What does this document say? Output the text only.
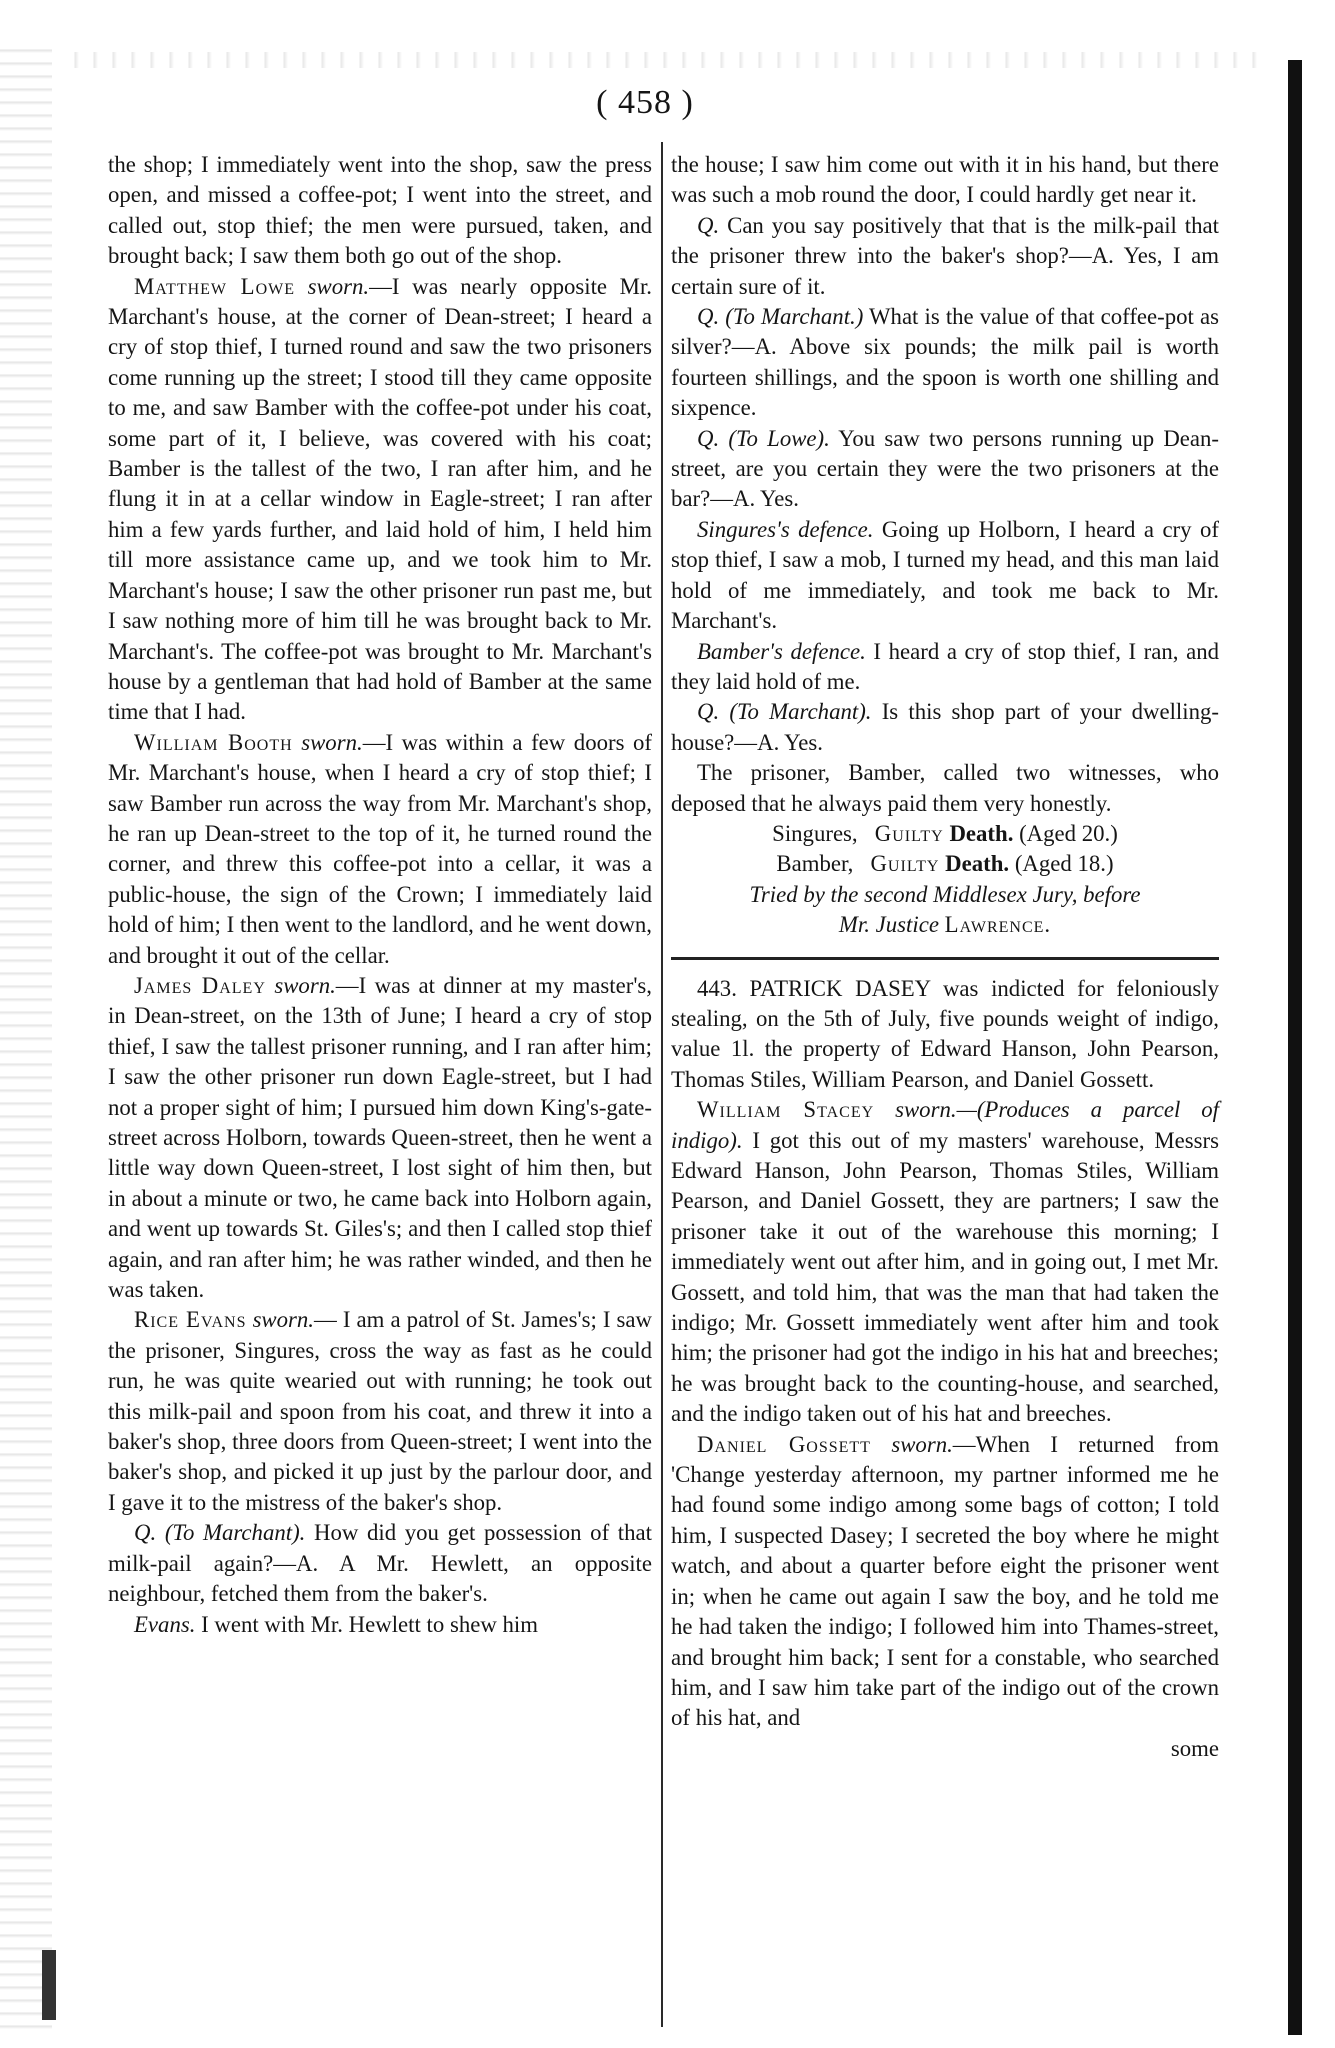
( 458 )

the shop; I immediately went into the shop, saw the press open, and missed a coffee-pot; I went into the street, and called out, stop thief; the men were pursued, taken, and brought back; I saw them both go out of the shop.

Matthew Lowe sworn.—I was nearly opposite Mr. Marchant's house, at the corner of Dean-street; I heard a cry of stop thief, I turned round and saw the two prisoners come running up the street; I stood till they came opposite to me, and saw Bamber with the coffee-pot under his coat, some part of it, I believe, was covered with his coat; Bamber is the tallest of the two, I ran after him, and he flung it in at a cellar window in Eagle-street; I ran after him a few yards further, and laid hold of him, I held him till more assistance came up, and we took him to Mr. Marchant's house; I saw the other prisoner run past me, but I saw nothing more of him till he was brought back to Mr. Marchant's. The coffee-pot was brought to Mr. Marchant's house by a gentleman that had hold of Bamber at the same time that I had.

William Booth sworn.—I was within a few doors of Mr. Marchant's house, when I heard a cry of stop thief; I saw Bamber run across the way from Mr. Marchant's shop, he ran up Dean-street to the top of it, he turned round the corner, and threw this coffee-pot into a cellar, it was a public-house, the sign of the Crown; I immediately laid hold of him; I then went to the landlord, and he went down, and brought it out of the cellar.

James Daley sworn.—I was at dinner at my master's, in Dean-street, on the 13th of June; I heard a cry of stop thief, I saw the tallest prisoner running, and I ran after him; I saw the other prisoner run down Eagle-street, but I had not a proper sight of him; I pursued him down King's-gate-street across Holborn, towards Queen-street, then he went a little way down Queen-street, I lost sight of him then, but in about a minute or two, he came back into Holborn again, and went up towards St. Giles's; and then I called stop thief again, and ran after him; he was rather winded, and then he was taken.

Rice Evans sworn.— I am a patrol of St. James's; I saw the prisoner, Singures, cross the way as fast as he could run, he was quite wearied out with running; he took out this milk-pail and spoon from his coat, and threw it into a baker's shop, three doors from Queen-street; I went into the baker's shop, and picked it up just by the parlour door, and I gave it to the mistress of the baker's shop.

Q. (To Marchant). How did you get possession of that milk-pail again?—A. A Mr. Hewlett, an opposite neighbour, fetched them from the baker's.

Evans. I went with Mr. Hewlett to shew him

the house; I saw him come out with it in his hand, but there was such a mob round the door, I could hardly get near it.

Q. Can you say positively that that is the milk-pail that the prisoner threw into the baker's shop?—A. Yes, I am certain sure of it.

Q. (To Marchant.) What is the value of that coffee-pot as silver?—A. Above six pounds; the milk pail is worth fourteen shillings, and the spoon is worth one shilling and sixpence.

Q. (To Lowe). You saw two persons running up Dean-street, are you certain they were the two prisoners at the bar?—A. Yes.

Singures's defence. Going up Holborn, I heard a cry of stop thief, I saw a mob, I turned my head, and this man laid hold of me immediately, and took me back to Mr. Marchant's.

Bamber's defence. I heard a cry of stop thief, I ran, and they laid hold of me.

Q. (To Marchant). Is this shop part of your dwelling-house?—A. Yes.

The prisoner, Bamber, called two witnesses, who deposed that he always paid them very honestly.

Singures, Guilty Death. (Aged 20.)

Bamber, Guilty Death. (Aged 18.)

Tried by the second Middlesex Jury, before

Mr. Justice Lawrence.

443. PATRICK DASEY was indicted for feloniously stealing, on the 5th of July, five pounds weight of indigo, value 1l. the property of Edward Hanson, John Pearson, Thomas Stiles, William Pearson, and Daniel Gossett.

William Stacey sworn.—(Produces a parcel of indigo). I got this out of my masters' warehouse, Messrs Edward Hanson, John Pearson, Thomas Stiles, William Pearson, and Daniel Gossett, they are partners; I saw the prisoner take it out of the warehouse this morning; I immediately went out after him, and in going out, I met Mr. Gossett, and told him, that was the man that had taken the indigo; Mr. Gossett immediately went after him and took him; the prisoner had got the indigo in his hat and breeches; he was brought back to the counting-house, and searched, and the indigo taken out of his hat and breeches.

Daniel Gossett sworn.—When I returned from 'Change yesterday afternoon, my partner informed me he had found some indigo among some bags of cotton; I told him, I suspected Dasey; I secreted the boy where he might watch, and about a quarter before eight the prisoner went in; when he came out again I saw the boy, and he told me he had taken the indigo; I followed him into Thames-street, and brought him back; I sent for a constable, who searched him, and I saw him take part of the indigo out of the crown of his hat, and

some
